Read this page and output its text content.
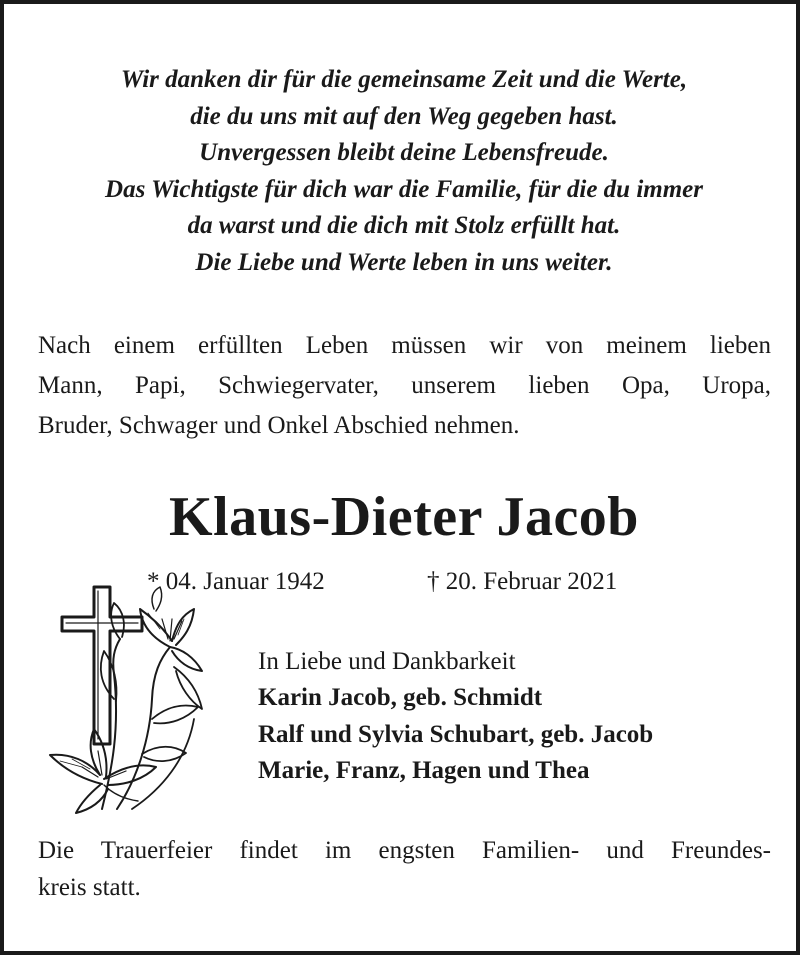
Wir danken dir für die gemeinsame Zeit und die Werte,
die du uns mit auf den Weg gegeben hast.
Unvergessen bleibt deine Lebensfreude.
Das Wichtigste für dich war die Familie, für die du immer
da warst und die dich mit Stolz erfüllt hat.
Die Liebe und Werte leben in uns weiter.
Nach einem erfüllten Leben müssen wir von meinem lieben
Mann, Papi, Schwiegervater, unserem lieben Opa, Uropa,
Bruder, Schwager und Onkel Abschied nehmen.
Klaus-Dieter Jacob
* 04. Januar 1942	† 20. Februar 2021
In Liebe und Dankbarkeit
Karin Jacob, geb. Schmidt
Ralf und Sylvia Schubart, geb. Jacob
Marie, Franz, Hagen und Thea
Die Trauerfeier findet im engsten Familien- und Freundes-
kreis statt.
